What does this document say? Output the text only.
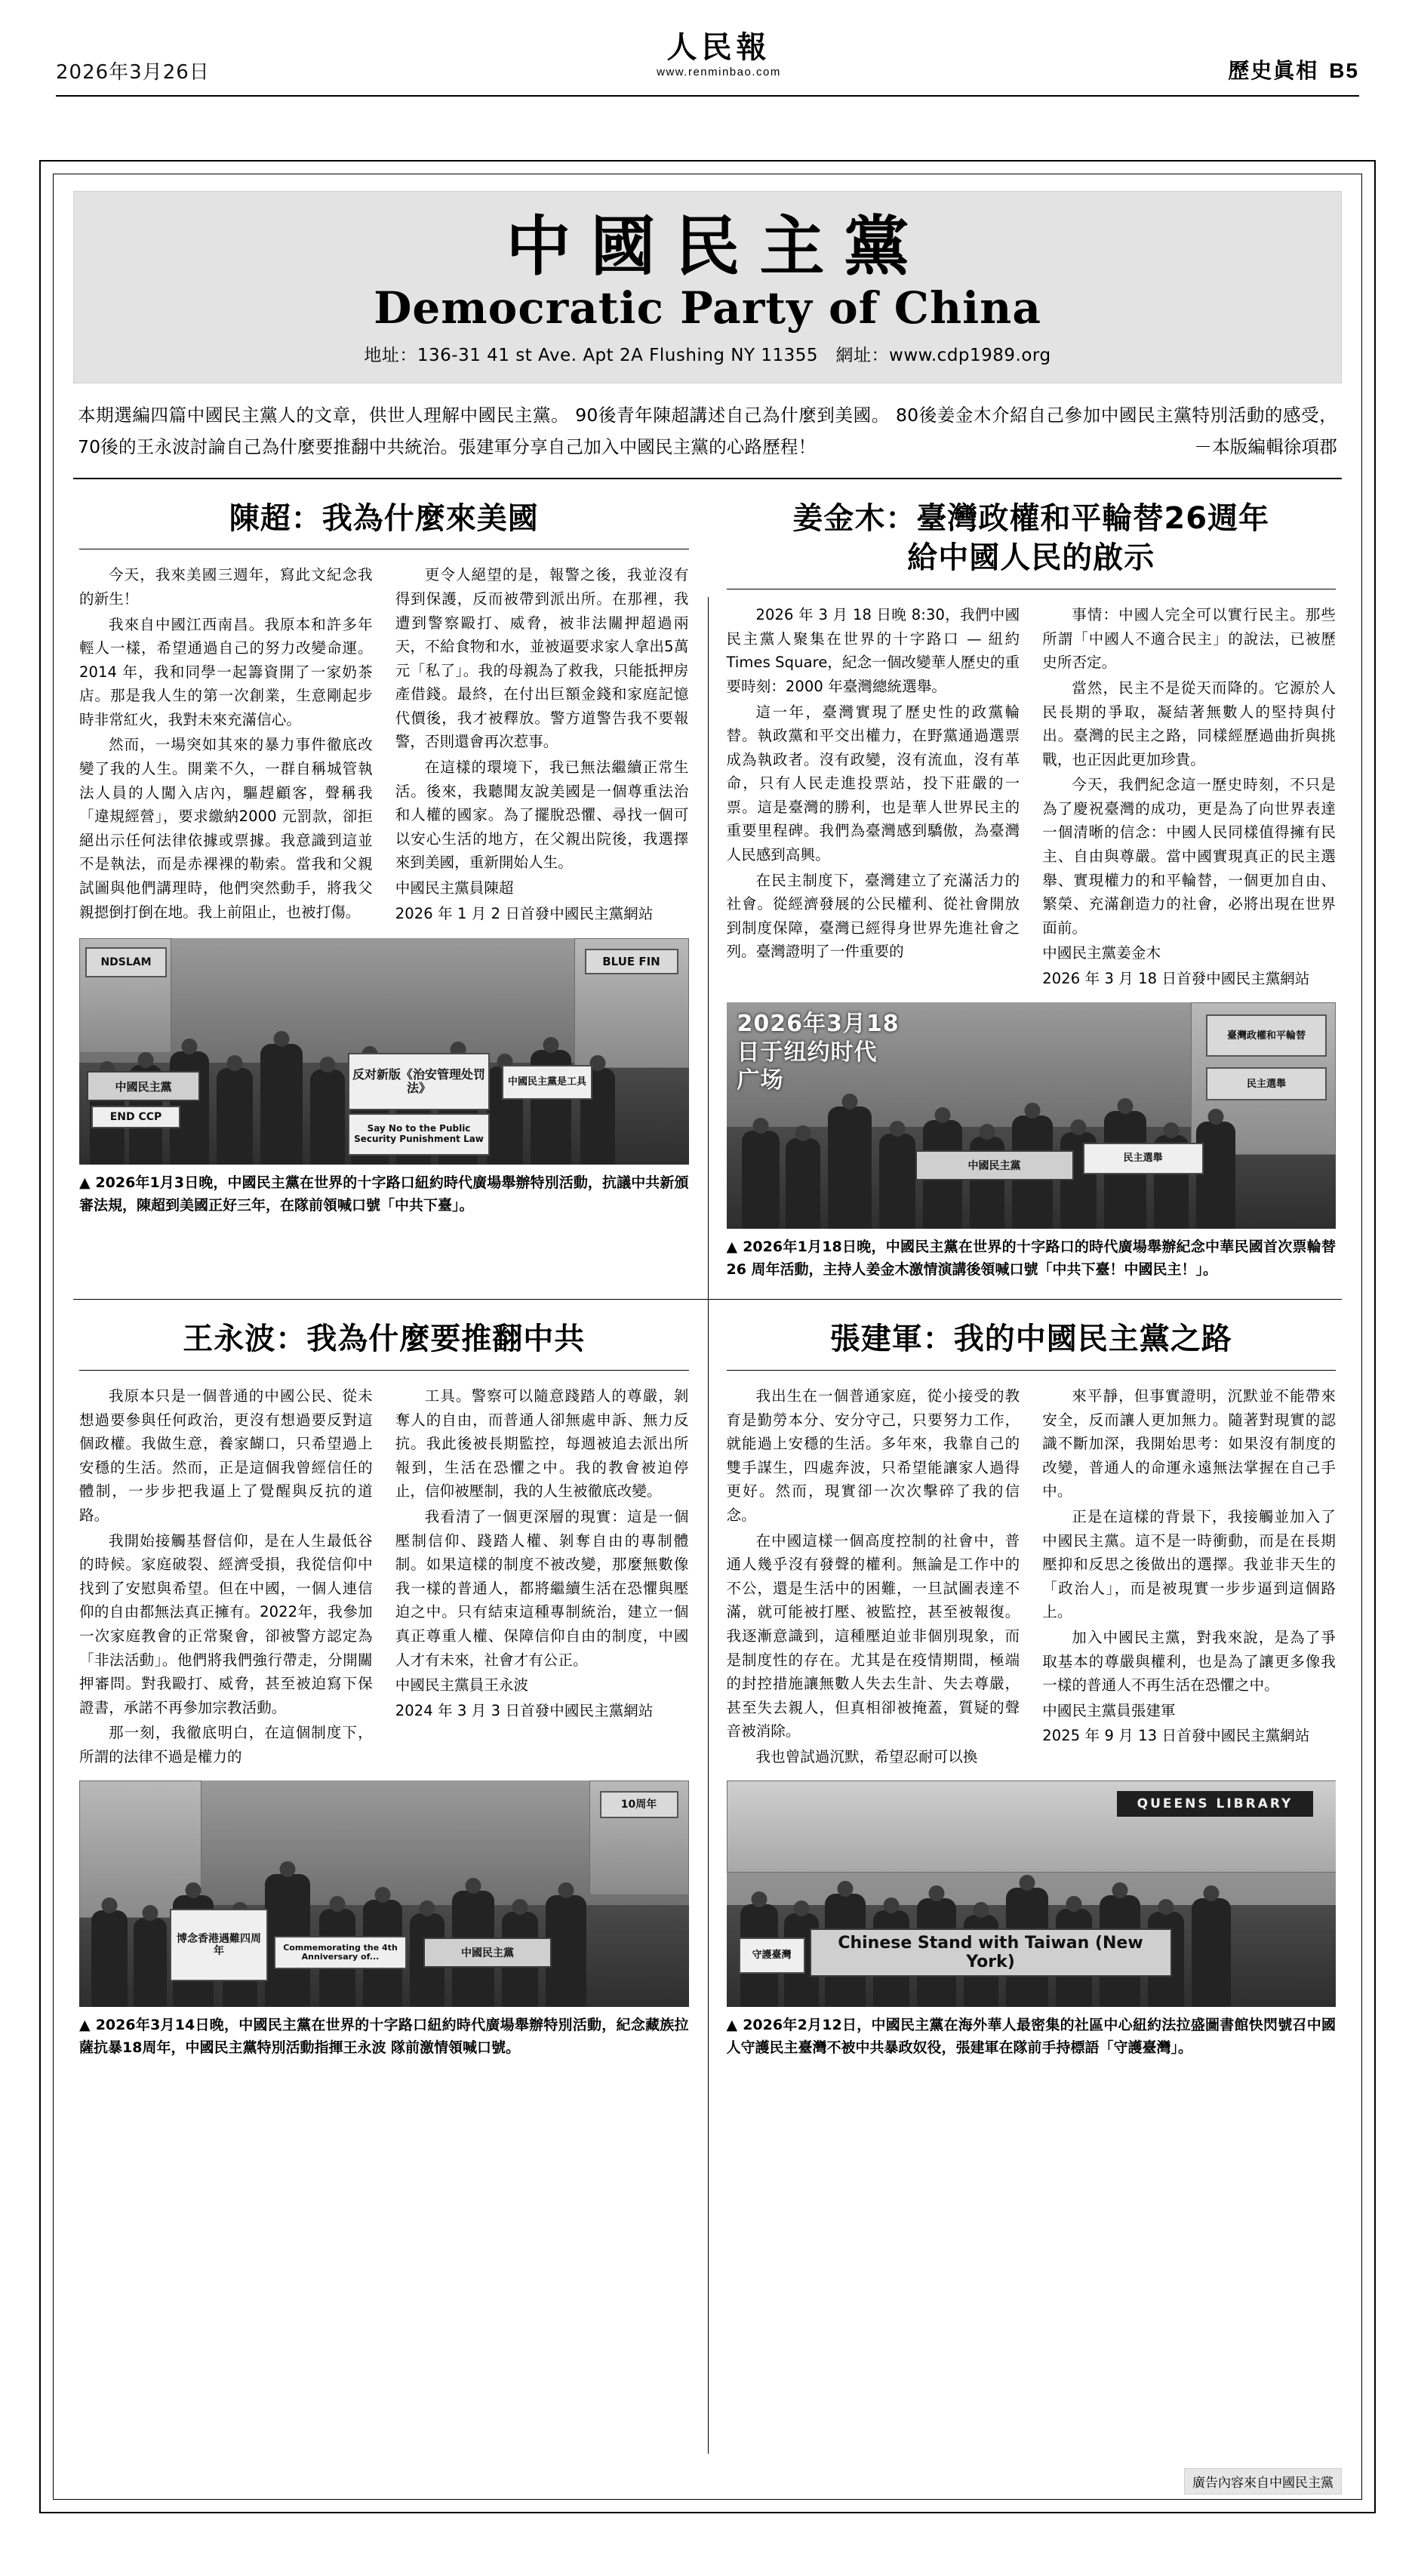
2026年3月26日
人民報
www.renminbao.com	歷史眞相 B5
中國民主黨
Democratic Party of China
地址：136-31 41 st Ave. Apt 2A Flushing NY 11355　網址：www.cdp1989.org
本期選編四篇中國民主黨人的文章，供世人理解中國民主黨。 90後青年陳超講述自己為什麼到美國。 80後姜金木介紹自己參加中國民主黨特別活動的感受，70後的王永波討論自己為什麼要推翻中共統治。張建軍分享自己加入中國民主黨的心路歷程！	－本版編輯徐項郡
陳超：我為什麼來美國

今天，我來美國三週年，寫此文紀念我的新生！

我來自中國江西南昌。我原本和許多年輕人一樣，希望通過自己的努力改變命運。2014 年，我和同學一起籌資開了一家奶茶店。那是我人生的第一次創業，生意剛起步時非常紅火，我對未來充滿信心。

然而，一場突如其來的暴力事件徹底改變了我的人生。開業不久，一群自稱城管執法人員的人闖入店內，驅趕顧客，聲稱我「違規經營」，要求繳納2000 元罰款，卻拒絕出示任何法律依據或票據。我意識到這並不是執法，而是赤裸裸的勒索。當我和父親試圖與他們講理時，他們突然動手，將我父親摁倒打倒在地。我上前阻止，也被打傷。

更令人絕望的是，報警之後，我並沒有得到保護，反而被帶到派出所。在那裡，我遭到警察毆打、威脅，被非法關押超過兩天，不給食物和水，並被逼要求家人拿出5萬元「私了」。我的母親為了救我，只能抵押房產借錢。最終，在付出巨額金錢和家庭記憶代價後，我才被釋放。警方道警告我不要報警，否則還會再次惹事。

在這樣的環境下，我已無法繼續正常生活。後來，我聽聞友說美國是一個尊重法治和人權的國家。為了擺脫恐懼、尋找一個可以安心生活的地方，在父親出院後，我選擇來到美國，重新開始人生。

中國民主黨員陳超

2026 年 1 月 2 日首發中國民主黨網站

NDSLAM	BLUE FIN
中國民主黨
END CCP
反对新版《治安管理处罚法》
Say No to the Public Security Punishment Law
中國民主黨是工具
▲ 2026年1月3日晚，中國民主黨在世界的十字路口紐約時代廣場舉辦特別活動，抗議中共新頒審法規，陳超到美國正好三年，在隊前領喊口號「中共下臺」。
姜金木：臺灣政權和平輪替26週年
給中國人民的啟示

2026 年 3 月 18 日晚 8:30，我們中國民主黨人聚集在世界的十字路口 — 紐約 Times Square，紀念一個改變華人歷史的重要時刻：2000 年臺灣總統選舉。

這一年，臺灣實現了歷史性的政黨輪替。執政黨和平交出權力，在野黨通過選票成為執政者。沒有政變，沒有流血，沒有革命，只有人民走進投票站，投下莊嚴的一票。這是臺灣的勝利，也是華人世界民主的重要里程碑。我們為臺灣感到驕傲，為臺灣人民感到高興。

在民主制度下，臺灣建立了充滿活力的社會。從經濟發展的公民權利、從社會開放到制度保障，臺灣已經得身世界先進社會之列。臺灣證明了一件重要的

事情：中國人完全可以實行民主。那些所謂「中國人不適合民主」的說法，已被歷史所否定。

當然，民主不是從天而降的。它源於人民長期的爭取，凝結著無數人的堅持與付出。臺灣的民主之路，同樣經歷過曲折與挑戰，也正因此更加珍貴。

今天，我們紀念這一歷史時刻，不只是為了慶祝臺灣的成功，更是為了向世界表達一個清晰的信念：中國人民同樣值得擁有民主、自由與尊嚴。當中國實現真正的民主選舉、實現權力的和平輪替，一個更加自由、繁榮、充滿創造力的社會，必將出現在世界面前。

中國民主黨姜金木

2026 年 3 月 18 日首發中國民主黨網站

臺灣政權和平輪替
民主選舉
中國民主黨
民主選舉
2026年3月18
日于纽约时代
广场
▲ 2026年1月18日晚，中國民主黨在世界的十字路口的時代廣場舉辦紀念中華民國首次票輪替 26 周年活動，主持人姜金木激情演講後領喊口號「中共下臺！中國民主！」。
王永波：我為什麼要推翻中共

我原本只是一個普通的中國公民、從未想過要參與任何政治，更沒有想過要反對這個政權。我做生意，養家餬口，只希望過上安穩的生活。然而，正是這個我曾經信任的體制，一步步把我逼上了覺醒與反抗的道路。

我開始接觸基督信仰，是在人生最低谷的時候。家庭破裂、經濟受損，我從信仰中找到了安慰與希望。但在中國，一個人連信仰的自由都無法真正擁有。2022年，我參加一次家庭教會的正常聚會，卻被警方認定為「非法活動」。他們將我們強行帶走，分開關押審問。對我毆打、威脅，甚至被迫寫下保證書，承諾不再參加宗教活動。

那一刻，我徹底明白，在這個制度下，所謂的法律不過是權力的

工具。警察可以隨意踐踏人的尊嚴，剝奪人的自由，而普通人卻無處申訴、無力反抗。我此後被長期監控，每週被追去派出所報到，生活在恐懼之中。我的教會被迫停止，信仰被壓制，我的人生被徹底改變。

我看清了一個更深層的現實：這是一個壓制信仰、踐踏人權、剝奪自由的專制體制。如果這樣的制度不被改變，那麼無數像我一樣的普通人，都將繼續生活在恐懼與壓迫之中。只有結束這種專制統治，建立一個真正尊重人權、保障信仰自由的制度，中國人才有未來，社會才有公正。

中國民主黨員王永波

2024 年 3 月 3 日首發中國民主黨網站

10周年
博念香港遇難四周年	Commemorating the 4th Anniversary of...	中國民主黨
▲ 2026年3月14日晚，中國民主黨在世界的十字路口紐約時代廣場舉辦特別活動，紀念藏族拉薩抗暴18周年，中國民主黨特別活動指揮王永波 隊前激情領喊口號。
張建軍：我的中國民主黨之路

我出生在一個普通家庭，從小接受的教育是勤勞本分、安分守己，只要努力工作，就能過上安穩的生活。多年來，我靠自己的雙手謀生，四處奔波，只希望能讓家人過得更好。然而，現實卻一次次擊碎了我的信念。

在中國這樣一個高度控制的社會中，普通人幾乎沒有發聲的權利。無論是工作中的不公，還是生活中的困難，一旦試圖表達不滿，就可能被打壓、被監控，甚至被報復。我逐漸意識到，這種壓迫並非個別現象，而是制度性的存在。尤其是在疫情期間，極端的封控措施讓無數人失去生計、失去尊嚴，甚至失去親人，但真相卻被掩蓋，質疑的聲音被消除。

我也曾試過沉默，希望忍耐可以換

來平靜，但事實證明，沉默並不能帶來安全，反而讓人更加無力。隨著對現實的認識不斷加深，我開始思考：如果沒有制度的改變，普通人的命運永遠無法掌握在自己手中。

正是在這樣的背景下，我接觸並加入了中國民主黨。這不是一時衝動，而是在長期壓抑和反思之後做出的選擇。我並非天生的「政治人」，而是被現實一步步逼到這個路上。

加入中國民主黨，對我來說，是為了爭取基本的尊嚴與權利，也是為了讓更多像我一樣的普通人不再生活在恐懼之中。

中國民主黨員張建軍

2025 年 9 月 13 日首發中國民主黨網站

QUEENS LIBRARY
Chinese Stand with Taiwan (New York)
守護臺灣
▲ 2026年2月12日，中國民主黨在海外華人最密集的社區中心紐約法拉盛圖書館快閃號召中國人守護民主臺灣不被中共暴政奴役，張建軍在隊前手持標語「守護臺灣」。
廣告內容來自中國民主黨
